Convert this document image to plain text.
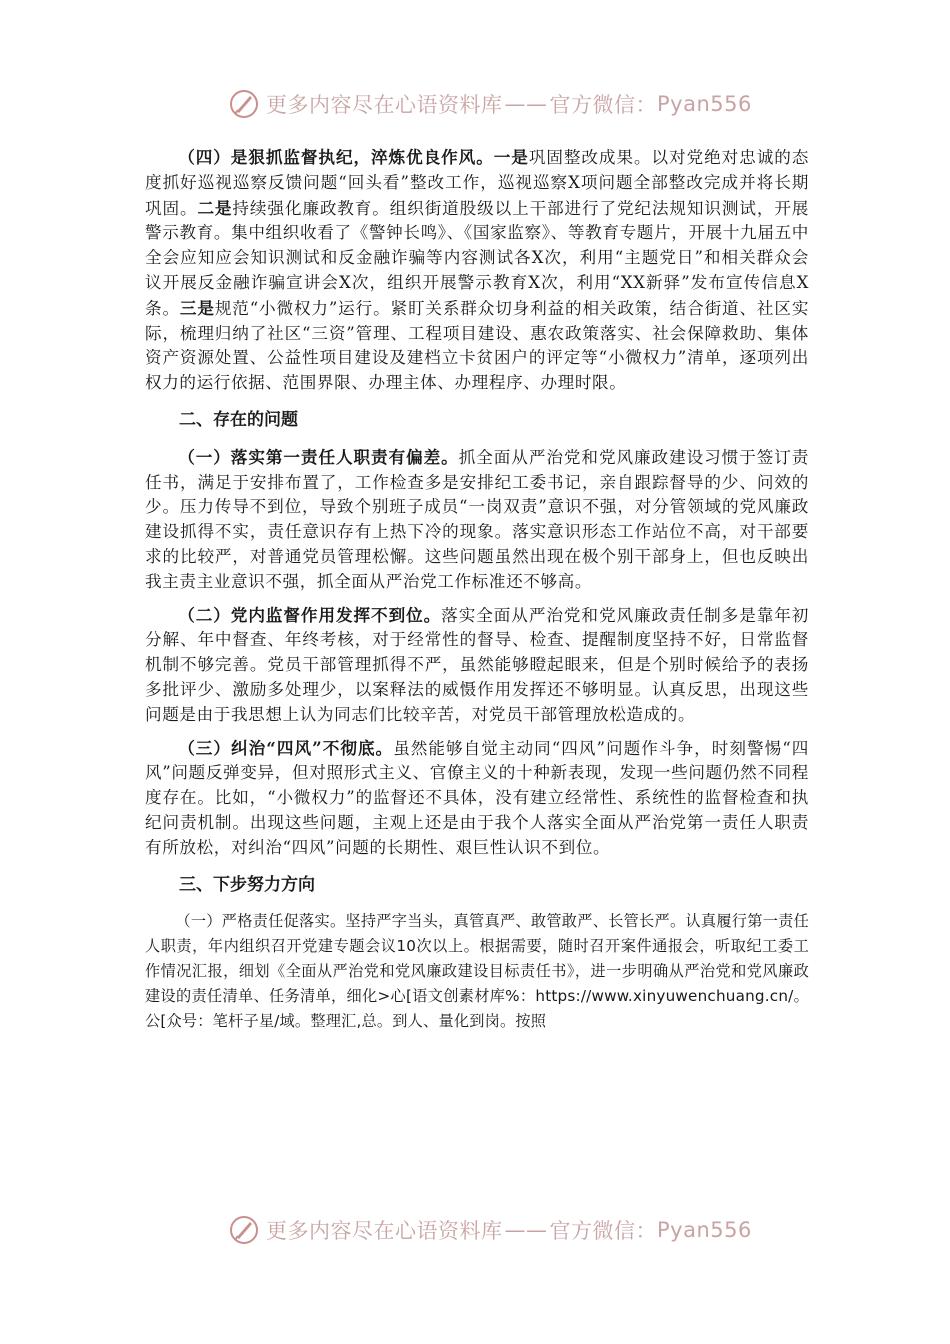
更多内容尽在心语资料库 —— 官方微信： Pyan556

（四）是狠抓监督执纪，淬炼优良作风。一是巩固整改成果。以对党绝对忠诚的态度抓好巡视巡察反馈问题“回头看”整改工作，巡视巡察X项问题全部整改完成并将长期巩固。二是持续强化廉政教育。组织街道股级以上干部进行了党纪法规知识测试，开展警示教育。集中组织收看了《警钟长鸣》、《国家监察》、等教育专题片，开展十九届五中全会应知应会知识测试和反金融诈骗等内容测试各X次，利用“主题党日”和相关群众会议开展反金融诈骗宣讲会X次，组织开展警示教育X次，利用“XX新驿”发布宣传信息X条。三是规范“小微权力”运行。紧盯关系群众切身利益的相关政策，结合街道、社区实际，梳理归纳了社区“三资”管理、工程项目建设、惠农政策落实、社会保障救助、集体资产资源处置、公益性项目建设及建档立卡贫困户的评定等“小微权力”清单，逐项列出权力的运行依据、范围界限、办理主体、办理程序、办理时限。

二、存在的问题

（一）落实第一责任人职责有偏差。抓全面从严治党和党风廉政建设习惯于签订责任书，满足于安排布置了，工作检查多是安排纪工委书记，亲自跟踪督导的少、问效的少。压力传导不到位，导致个别班子成员“一岗双责”意识不强，对分管领域的党风廉政建设抓得不实，责任意识存有上热下冷的现象。落实意识形态工作站位不高，对干部要求的比较严，对普通党员管理松懈。这些问题虽然出现在极个别干部身上，但也反映出我主责主业意识不强，抓全面从严治党工作标准还不够高。

（二）党内监督作用发挥不到位。落实全面从严治党和党风廉政责任制多是靠年初分解、年中督查、年终考核，对于经常性的督导、检查、提醒制度坚持不好，日常监督机制不够完善。党员干部管理抓得不严，虽然能够瞪起眼来，但是个别时候给予的表扬多批评少、激励多处理少，以案释法的威慑作用发挥还不够明显。认真反思，出现这些问题是由于我思想上认为同志们比较辛苦，对党员干部管理放松造成的。

（三）纠治“四风”不彻底。虽然能够自觉主动同“四风”问题作斗争，时刻警惕“四风”问题反弹变异，但对照形式主义、官僚主义的十种新表现，发现一些问题仍然不同程度存在。比如，“小微权力”的监督还不具体，没有建立经常性、系统性的监督检查和执纪问责机制。出现这些问题，主观上还是由于我个人落实全面从严治党第一责任人职责有所放松，对纠治“四风”问题的长期性、艰巨性认识不到位。

三、下步努力方向

（一）严格责任促落实。坚持严字当头，真管真严、敢管敢严、长管长严。认真履行第一责任人职责，年内组织召开党建专题会议10次以上。根据需要，随时召开案件通报会，听取纪工委工作情况汇报，细划《全面从严治党和党风廉政建设目标责任书》，进一步明确从严治党和党风廉政建设的责任清单、任务清单，细化>心[语文创素材库%：https://www.xinyuwenchuang.cn/。公[众号：笔杆子星/域。整理汇,总。到人、量化到岗。按照

更多内容尽在心语资料库 —— 官方微信： Pyan556
